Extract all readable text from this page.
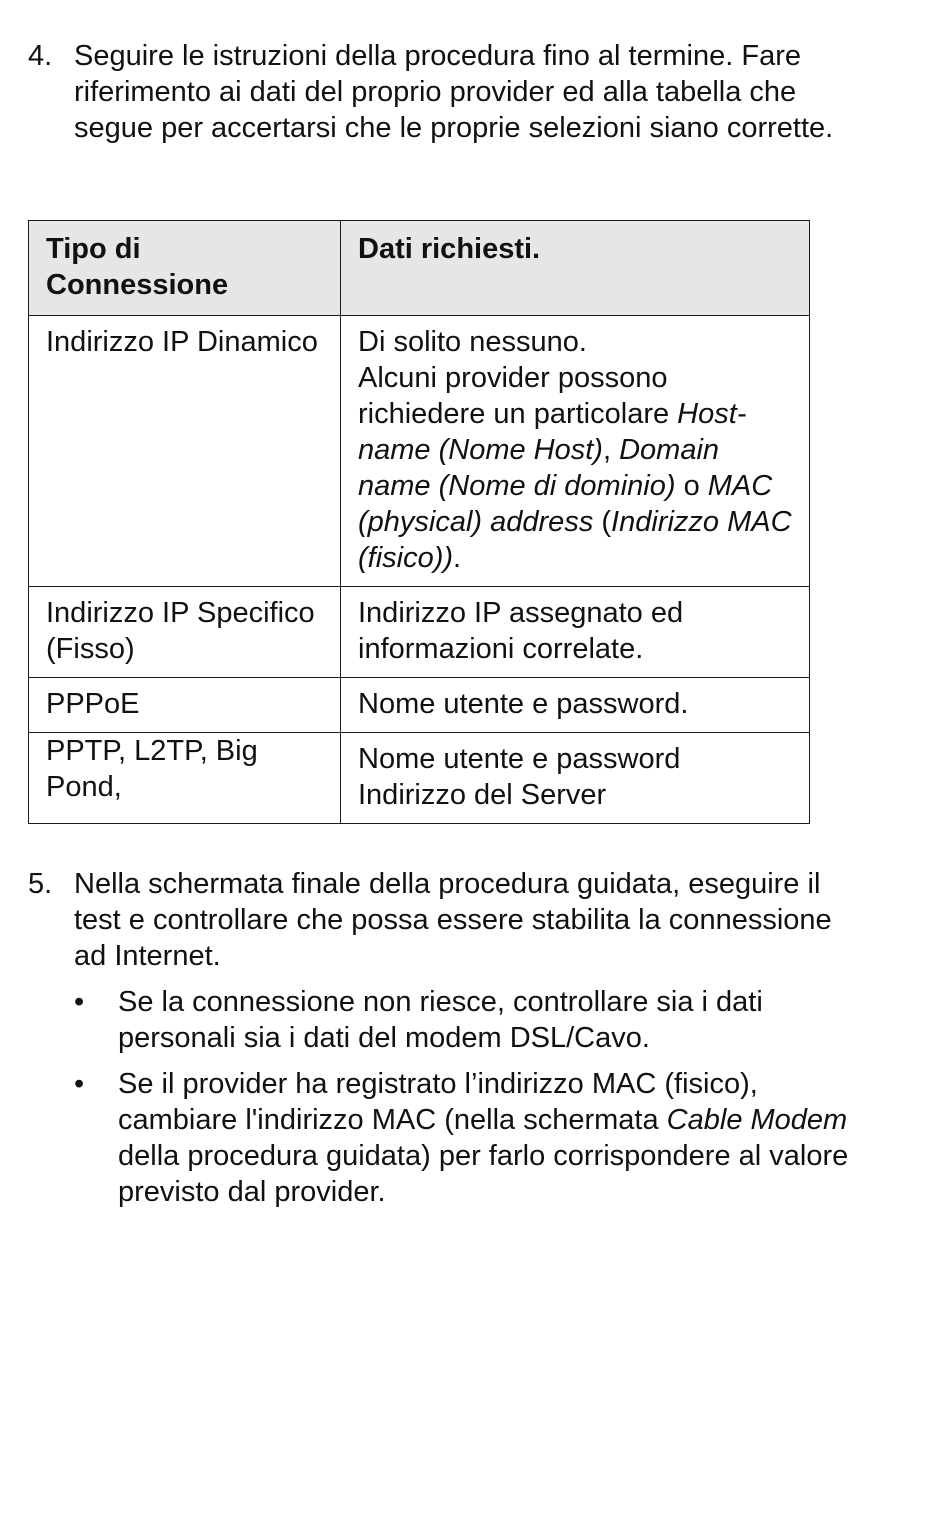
4. Seguire le istruzioni della procedura fino al termine. Fare riferimento ai dati del proprio provider ed alla tabella che segue per accertarsi che le proprie selezioni siano corrette.
Tipo di Connessione	Dati richiesti.
Indirizzo IP Dinamico	Di solito nessuno.
Alcuni provider possono richiedere un particolare Host-name (Nome Host), Domain name (Nome di dominio) o MAC (physical) address (Indirizzo MAC (fisico)).
Indirizzo IP Specifico (Fisso)	Indirizzo IP assegnato ed informazioni correlate.
PPPoE	Nome utente e password.
PPTP, L2TP, Big Pond,	Nome utente e password
Indirizzo del Server
5. Nella schermata finale della procedura guidata, eseguire il test e controllare che possa essere stabilita la connessione ad Internet.
• Se la connessione non riesce, controllare sia i dati personali sia i dati del modem DSL/Cavo.
• Se il provider ha registrato l’indirizzo MAC (fisico), cambiare l'indirizzo MAC (nella schermata Cable Modem della procedura guidata) per farlo corrispondere al valore previsto dal provider.
